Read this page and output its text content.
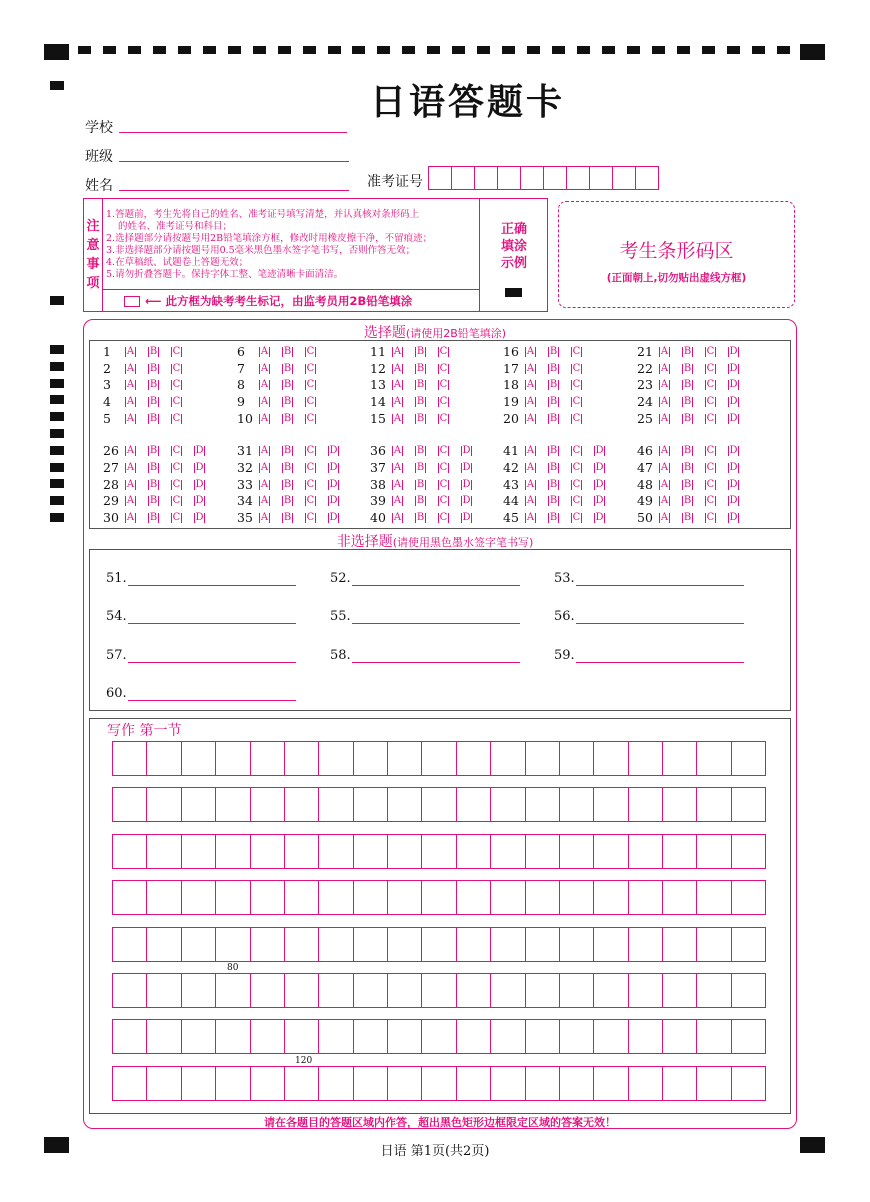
日语答题卡
学校
班级
姓名	准考证号
注
意
事
项
1.答题前，考生先将自己的姓名、准考证号填写清楚，并认真核对条形码上
的姓名、准考证号和科目；
2.选择题部分请按题号用2B铅笔填涂方框，修改时用橡皮擦干净，不留痕迹；
3.非选择题部分请按题号用0.5毫米黑色墨水签字笔书写，否则作答无效；
4.在草稿纸、试题卷上答题无效；
5.请勿折叠答题卡。保持字体工整、笔迹清晰卡面清洁。
⟵ 此方框为缺考考生标记，由监考员用2B铅笔填涂
正确
填涂
示例
考生条形码区
(正面朝上,切勿贴出虚线方框)
选择题(请使用2B铅笔填涂)
1	A B C
2	A B C
3	A B C
4	A B C
5	A B C
6	A B C
7	A B C
8	A B C
9	A B C
10 A B C
11 A B C
12 A B C
13 A B C
14 A B C
15 A B C
16 A B C
17 A B C
18 A B C
19 A B C
20 A B C
21 A B C D
22 A B C D
23 A B C D
24 A B C D
25 A B C D
26 A B C D
27 A B C D
28 A B C D
29 A B C D
30 A B C D
31 A B C D
32 A B C D
33 A B C D
34 A B C D
35 A B C D
36 A B C D
37 A B C D
38 A B C D
39 A B C D
40 A B C D
41 A B C D
42 A B C D
43 A B C D
44 A B C D
45 A B C D
46 A B C D
47 A B C D
48 A B C D
49 A B C D
50 A B C D
非选择题(请使用黑色墨水签字笔书写)
51.	52.	53.
54.	55.	56.
57.	58.	59.
60.
写作 第一节
80
120
请在各题目的答题区域内作答，超出黑色矩形边框限定区域的答案无效！
日语 第1页(共2页)
